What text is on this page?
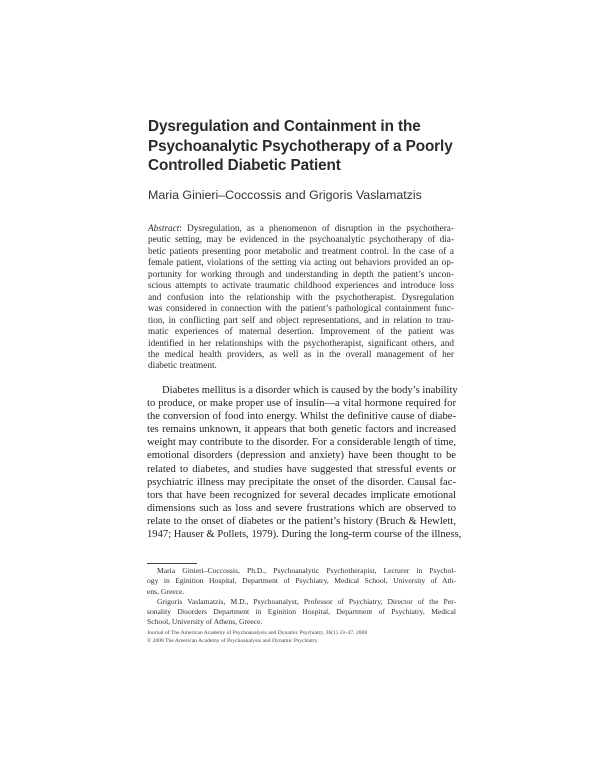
Dysregulation and Containment in the
Psychoanalytic Psychotherapy of a Poorly
Controlled Diabetic Patient
Maria Ginieri–Coccossis and Grigoris Vaslamatzis
Abstract: Dysregulation, as a phenomenon of disruption in the psychothera-
peutic setting, may be evidenced in the psychoanalytic psychotherapy of dia-
betic patients presenting poor metabolic and treatment control. In the case of a
female patient, violations of the setting via acting out behaviors provided an op-
portunity for working through and understanding in depth the patient’s uncon-
scious attempts to activate traumatic childhood experiences and introduce loss
and confusion into the relationship with the psychotherapist. Dysregulation
was considered in connection with the patient’s pathological containment func-
tion, in conflicting part self and object representations, and in relation to trau-
matic experiences of maternal desertion. Improvement of the patient was
identified in her relationships with the psychotherapist, significant others, and
the medical health providers, as well as in the overall management of her
diabetic treatment.
Diabetes mellitus is a disorder which is caused by the body’s inability
to produce, or make proper use of insulin—a vital hormone required for
the conversion of food into energy. Whilst the definitive cause of diabe-
tes remains unknown, it appears that both genetic factors and increased
weight may contribute to the disorder. For a considerable length of time,
emotional disorders (depression and anxiety) have been thought to be
related to diabetes, and studies have suggested that stressful events or
psychiatric illness may precipitate the onset of the disorder. Causal fac-
tors that have been recognized for several decades implicate emotional
dimensions such as loss and severe frustrations which are observed to
relate to the onset of diabetes or the patient’s history (Bruch & Hewlett,
1947; Hauser & Pollets, 1979). During the long-term course of the illness,
Maria Ginieri–Coccossis, Ph.D., Psychoanalytic Psychotherapist, Lecturer in Psychol-
ogy in Eginition Hospital, Department of Psychiatry, Medical School, University of Ath-
ens, Greece.
Grigoris Vaslamatzis, M.D., Psychoanalyst, Professor of Psychiatry, Director of the Per-
sonality Disorders Department in Eginition Hospital, Department of Psychiatry, Medical
School, University of Athens, Greece.
Journal of The American Academy of Psychoanalysis and Dynamic Psychiatry, 36(1) 33–47, 2008
© 2008 The American Academy of Psychoanalysis and Dynamic Psychiatry
